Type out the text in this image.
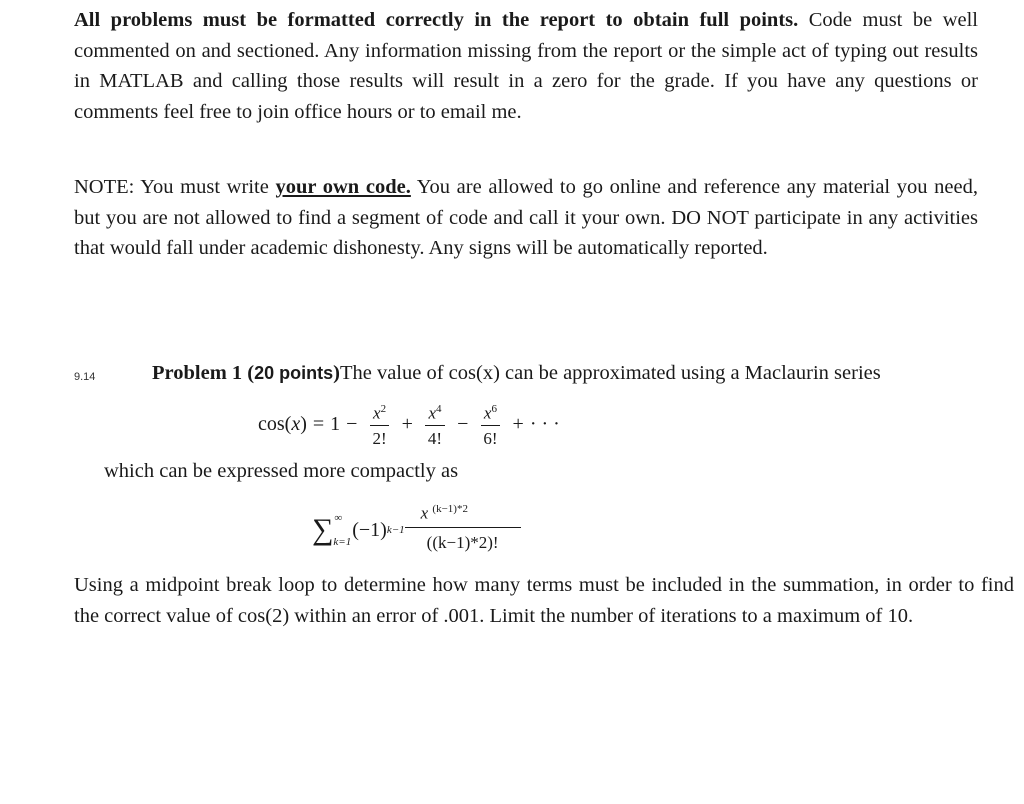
All problems must be formatted correctly in the report to obtain full points. Code must be well commented on and sectioned. Any information missing from the report or the simple act of typing out results in MATLAB and calling those results will result in a zero for the grade. If you have any questions or comments feel free to join office hours or to email me.

NOTE: You must write your own code. You are allowed to go online and reference any material you need, but you are not allowed to find a segment of code and call it your own. DO NOT participate in any activities that would fall under academic dishonesty. Any signs will be automatically reported.

9.14	Problem 1 (20 points)The value of cos(x) can be approximated using a Maclaurin series
cos( x ) = $1 - \frac{x^2}{2!} + \frac{x^4}{4!} - \frac{x^6}{6!}$ + · · ·
which can be expressed more compactly as
∑ ∞
k=1
(−1) $k-1 \frac{x ^{(k-1)*2}}{((k-1)*2)!}$

Using a midpoint break loop to determine how many terms must be included in the summation, in order to find the correct value of cos(2) within an error of .001. Limit the number of iterations to a maximum of 10.
